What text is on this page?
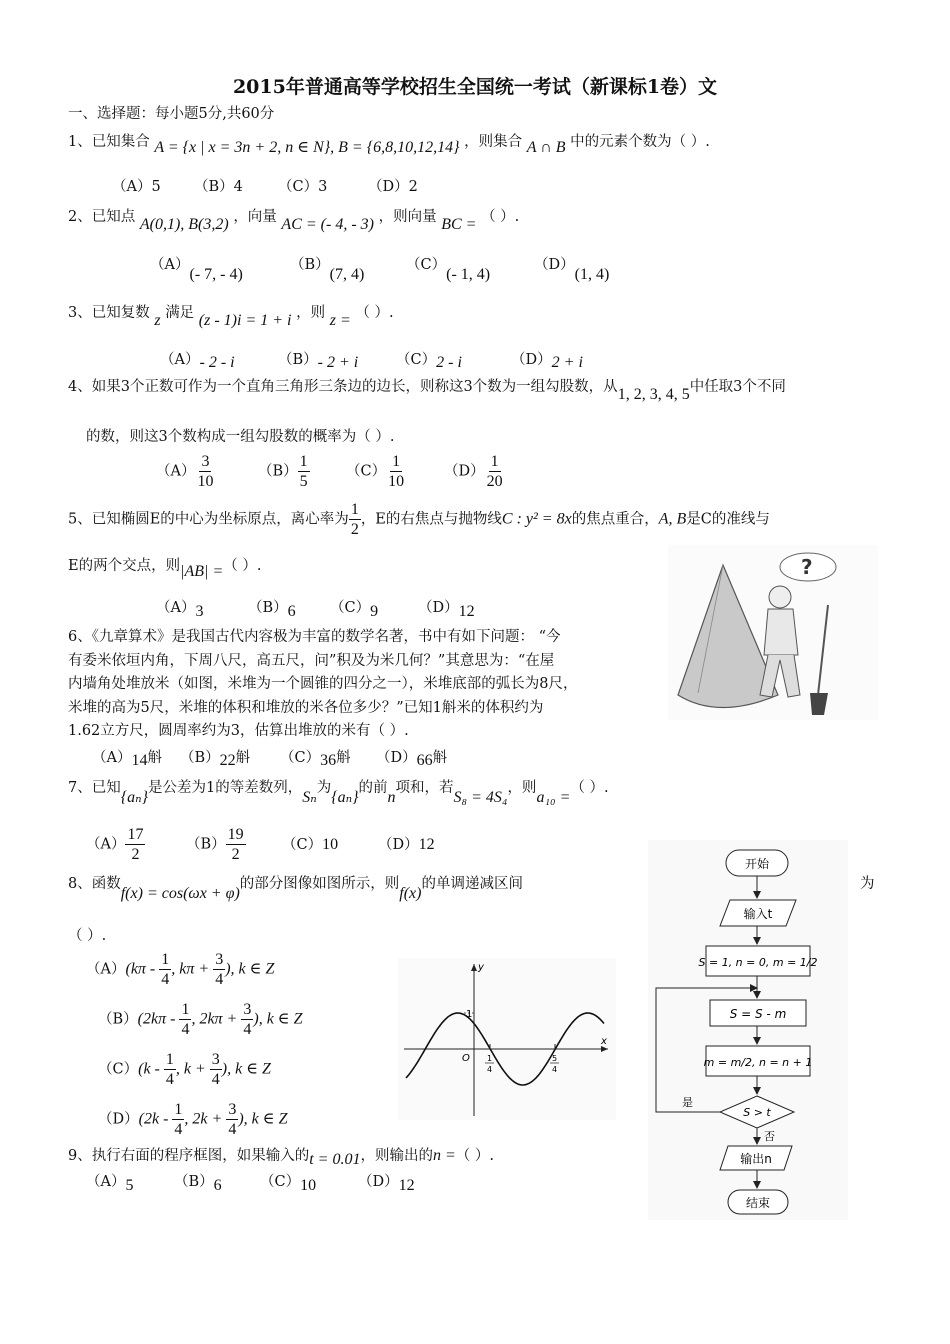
2015年普通高等学校招生全国统一考试（新课标1卷）文
一、选择题：每小题5分,共60分
1、已知集合 A = {x | x = 3n + 2, n ∈ N}, B = {6,8,10,12,14} ，则集合 A ∩ B 中的元素个数为（ ）.
（A）5 （B）4 （C）3	（D）2
2、已知点 A(0,1), B(3,2) ，向量 AC = (- 4, - 3) ，则向量 BC = （ ）.
（A）(- 7, - 4)（B）(7, 4)（C）(- 1, 4)（D）(1, 4)
3、已知复数 z 满足 (z - 1)i = 1 + i ，则 z = （ ）.
（A）- 2 - i	（B）- 2 + i	（C）2 - i	（D）2 + i
4、如果3个正数可作为一个直角三角形三条边的边长，则称这3个数为一组勾股数，从1, 2, 3, 4, 5中任取3个不同
的数，则这3个数构成一组勾股数的概率为（ ）.
$(A) \frac{3}{10}$	$(B) \frac{1}{5}$	$(C) \frac{1}{10}$	$(D) \frac{1}{20}$
5、已知椭圆E的中心为坐标原点，离心率为 $\frac{1}{2}$ ，E的右焦点与抛物线C : y² = 8x的焦点重合，A, B是C的准线与
E的两个交点，则|AB| =（ ）.
（A）3	（B）6 （C）9	（D）12
6、《九章算术》是我国古代内容极为丰富的数学名著，书中有如下问题： “今
有委米依垣内角，下周八尺，高五尺，问”积及为米几何？”其意思为：“在屋
内墙角处堆放米（如图，米堆为一个圆锥的四分之一），米堆底部的弧长为8尺，
米堆的高为5尺，米堆的体积和堆放的米各位多少？”已知1斛米的体积约为
1.62立方尺，圆周率约为3，估算出堆放的米有（ ）.
（A）14斛 （B）22斛 （C）36斛 （D）66斛
?
7、已知{aₙ}是公差为1的等差数列，Sₙ为{aₙ}的前n项和，若S₈ = 4S₄，则a₁₀ =（ ）.
$(A) \frac{17}{2}$	$(B) \frac{19}{2}$	（C）10	（D）12
8、函数f(x) = cos(ωx + φ)的部分图像如图所示，则f(x)的单调递减区间	为
（ ）.
$(A)(k\pi - \frac{1}{4}$ , $k\pi + \frac{3}{4}$ ), k ∈ Z
$(B)(2k\pi - \frac{1}{4}$ , $2k\pi + \frac{3}{4}$ ), k ∈ Z
$(C)(k - \frac{1}{4}$ , $k + \frac{3}{4}$ ), k ∈ Z
$(D)(2k - \frac{1}{4}$ , $2k + \frac{3}{4}$ ), k ∈ Z
y
x
O
1
1
4
5
4
9、执行右面的程序框图，如果输入的t = 0.01，则输出的n =（ ）.
（A）5	（B）6	（C）10	（D）12
开始
输入t
S = 1, n = 0, m = 1/2
S = S - m
m = m/2, n = n + 1
S > t
是
否
输出n
结束
